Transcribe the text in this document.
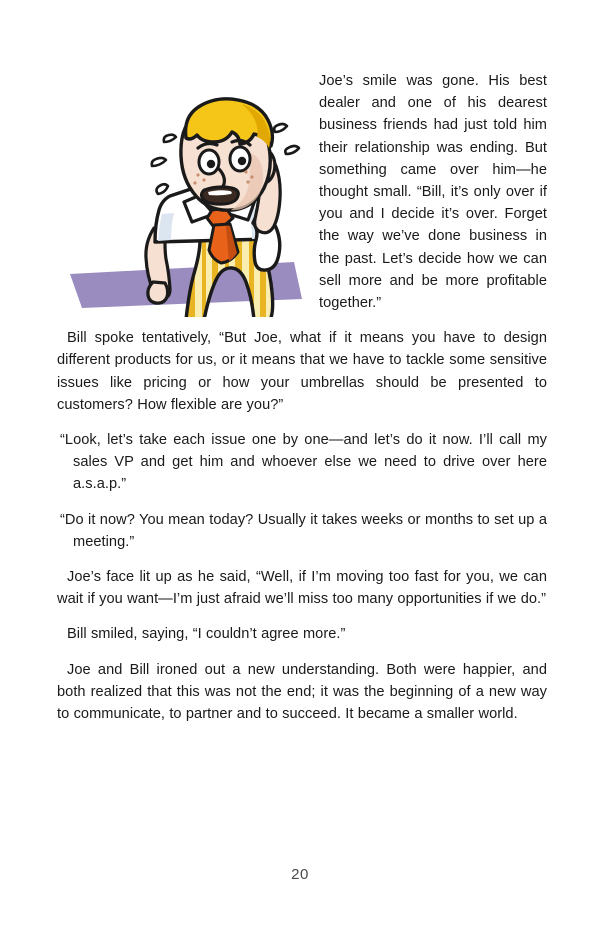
Joe’s smile was gone. His best dealer and one of his dearest business friends had just told him their relationship was ending. But something came over him—he thought small. “Bill, it’s only over if you and I decide it’s over. Forget the way we’ve done business in the past. Let’s decide how we can sell more and be more profitable together.”

Bill spoke tentatively, “But Joe, what if it means you have to design different products for us, or it means that we have to tackle some sensitive issues like pricing or how your umbrellas should be presented to customers? How flexible are you?”

“Look, let’s take each issue one by one—and let’s do it now. I’ll call my sales VP and get him and whoever else we need to drive over here a.s.a.p.”

“Do it now? You mean today? Usually it takes weeks or months to set up a meeting.”

Joe’s face lit up as he said, “Well, if I’m moving too fast for you, we can wait if you want—I’m just afraid we’ll miss too many opportunities if we do.”

Bill smiled, saying, “I couldn’t agree more.”

Joe and Bill ironed out a new understanding. Both were happier, and both realized that this was not the end; it was the beginning of a new way to communicate, to partner and to succeed. It became a smaller world.

20
